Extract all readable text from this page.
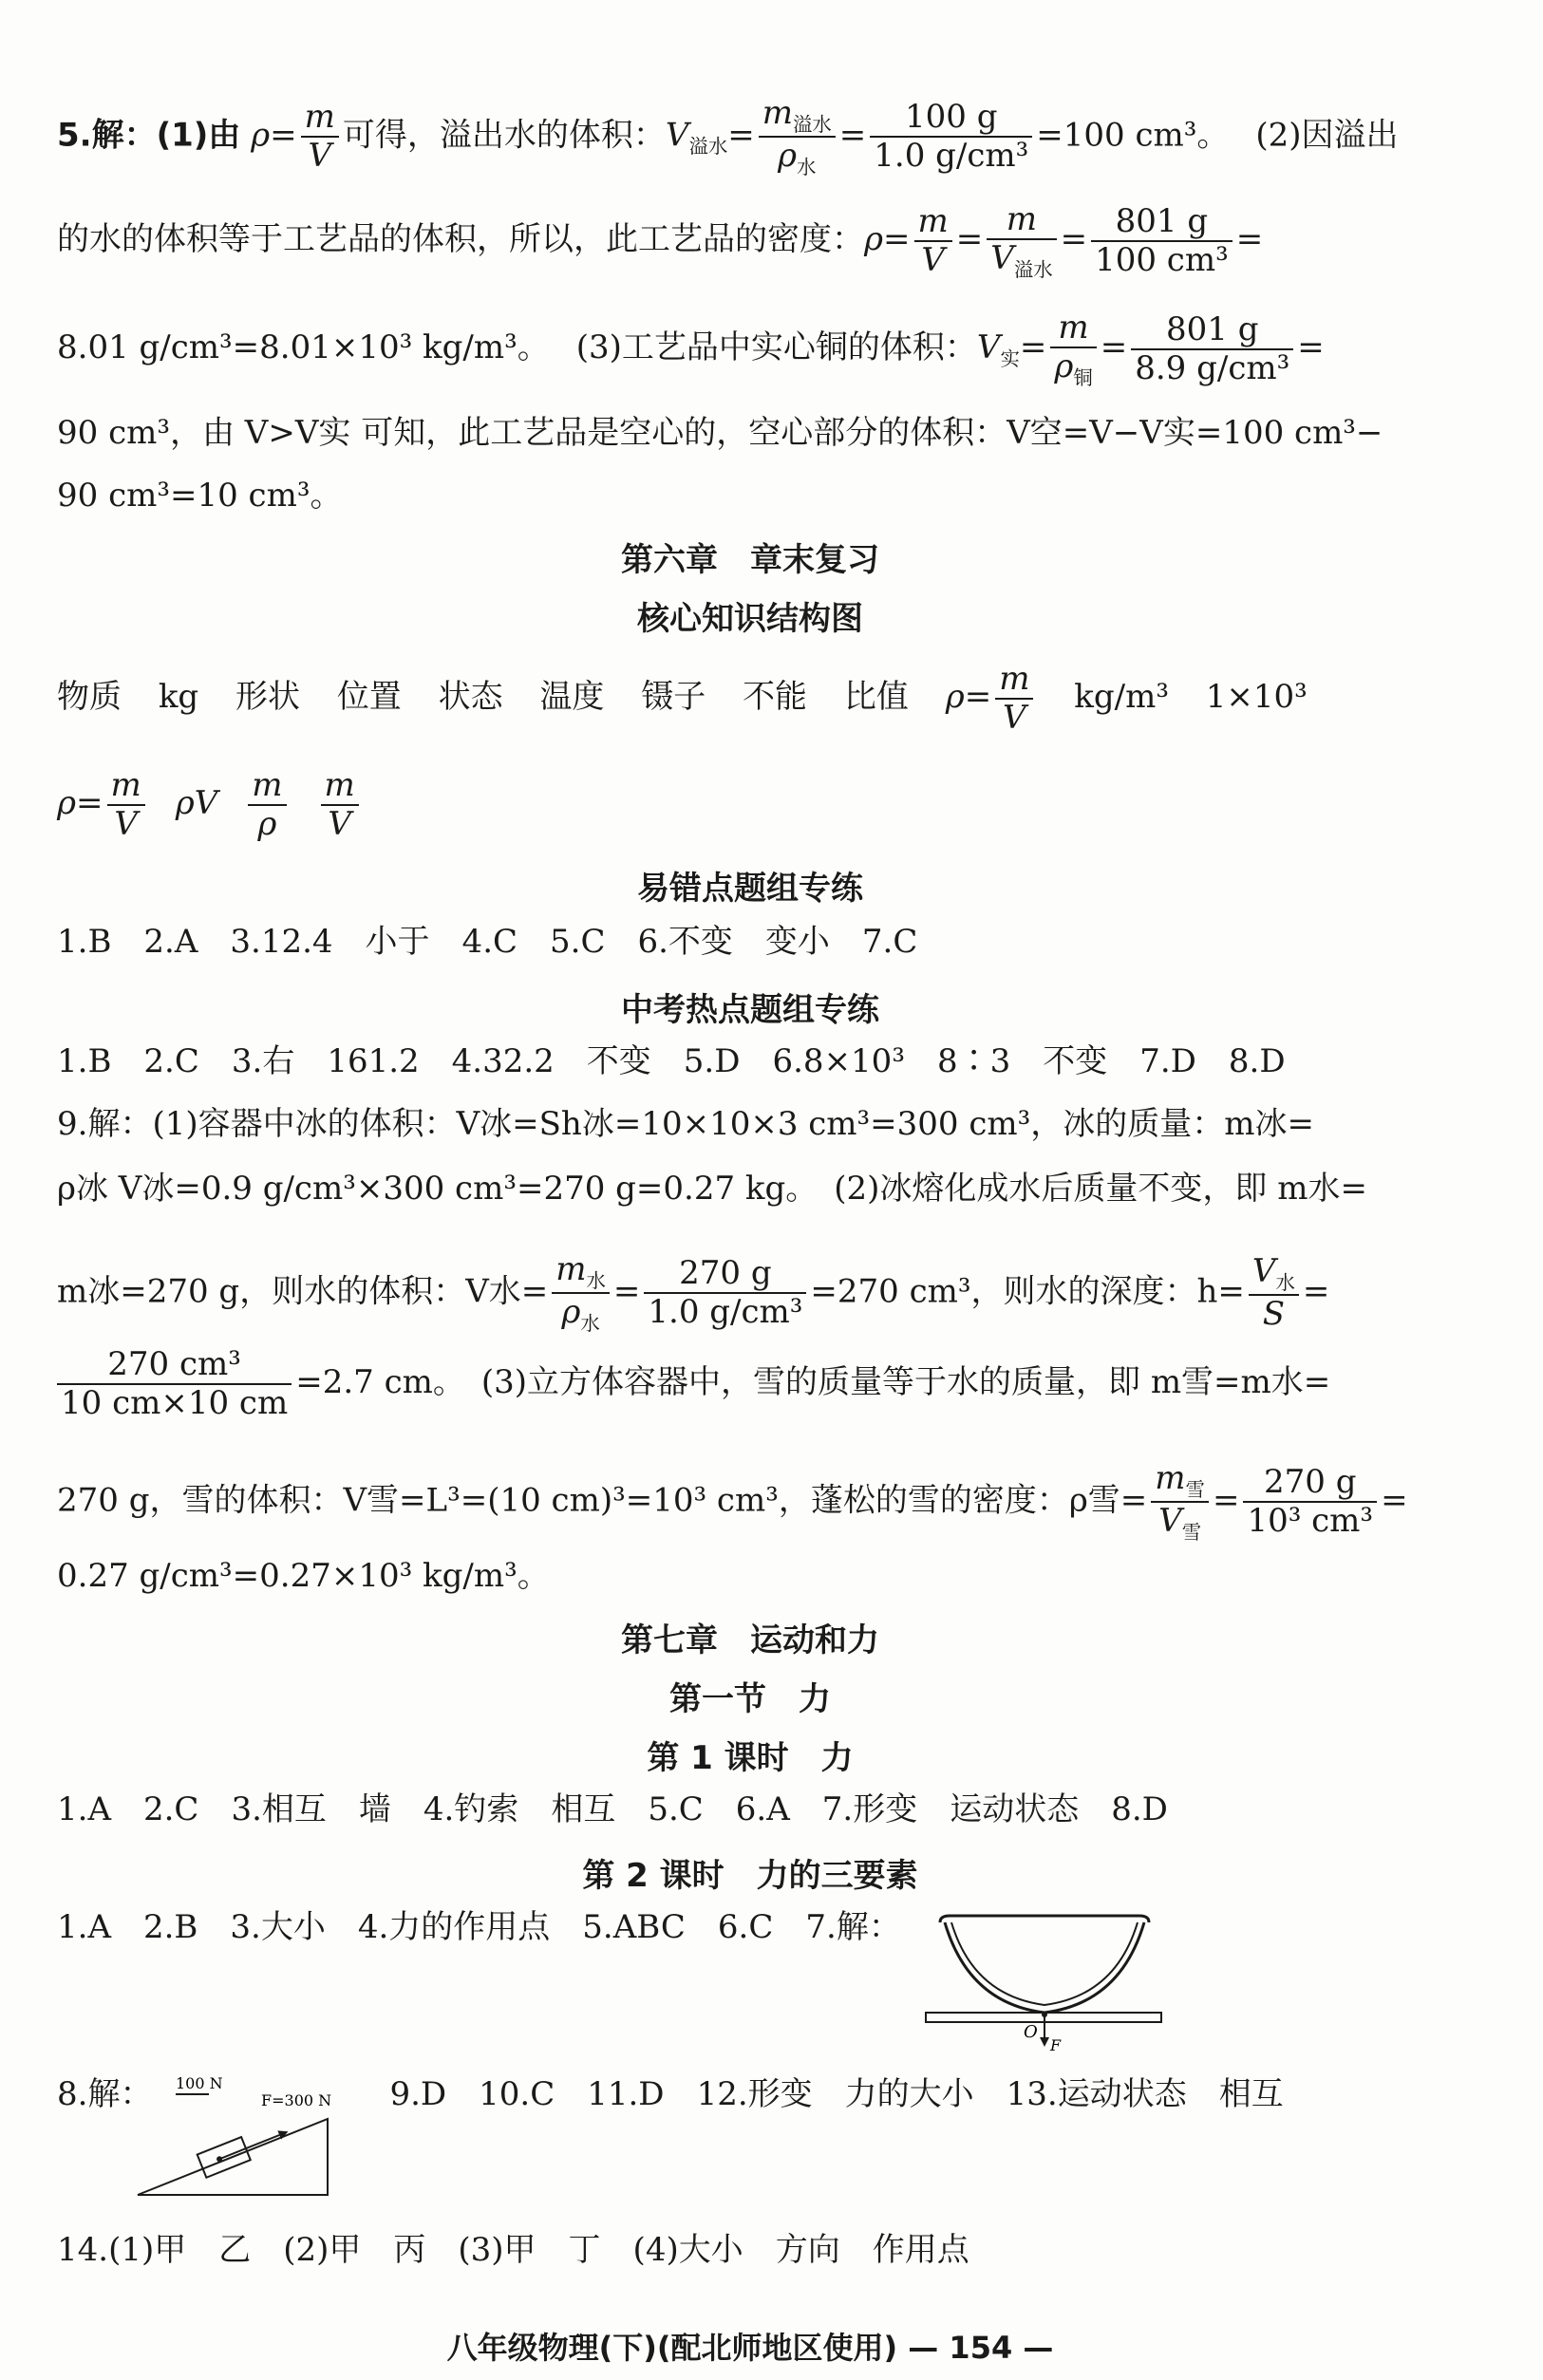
5.解：(1)由 $\rho= \frac{m}{V}$ 可得，溢出水的体积：$V_{溢水}= \frac{m_{溢水}}{\rho_水} = \frac{100 g}{\text{1.0 g/cm³}} =100$ cm³。 (2)因溢出
的水的体积等于工艺品的体积，所以，此工艺品的密度：$\rho= \frac{m}{V} = \frac{m}{V_{溢水}} = \frac{801 g}{\text{100 cm³}}$ =
8.01 g/cm³=8.01×10³ kg/m³。 (3)工艺品中实心铜的体积：$V_实= \frac{m}{\rho_铜} = \frac{801 g}{\text{8.9 g/cm³}}$ =
90 cm³，由 V>V实 可知，此工艺品是空心的，空心部分的体积：V空=V−V实=100 cm³−
90 cm³=10 cm³。
第六章　章末复习
核心知识结构图
物质 kg 形状 位置 状态 温度 镊子 不能 比值 $\rho= \frac{m}{V} kg/m^3$ 1×10³
$\rho= \frac{m}{V}$ ρV $\frac{m}{\rho} \frac{m}{V}$
易错点题组专练
1.B　2.A　3.12.4　小于　4.C　5.C　6.不变　变小　7.C
中考热点题组专练
1.B　2.C　3.右　161.2　4.32.2　不变　5.D　6.8×10³　8∶3　不变　7.D　8.D
9.解：(1)容器中冰的体积：V冰=Sh冰=10×10×3 cm³=300 cm³，冰的质量：m冰=
ρ冰 V冰=0.9 g/cm³×300 cm³=270 g=0.27 kg。　(2)冰熔化成水后质量不变，即 m水=
m冰=270 g，则水的体积：V水= $\frac{m_水}{\rho_水} = \frac{270 g}{\text{1.0 g/cm³}} =270$ cm³，则水的深度：$h= \frac{V_水}{S}$ =
$\frac{\text{270 cm³}}{10 cm\times 10 cm} =2.7$ cm。　(3)立方体容器中，雪的质量等于水的质量，即 m雪=m水=
270 g，雪的体积：V雪=L³=(10 cm)³=10³ cm³，蓬松的雪的密度：ρ雪= $\frac{m_雪}{V_雪} = \frac{270 g}{\text{10³ cm³}}$ =
0.27 g/cm³=0.27×10³ kg/m³。
第七章　运动和力
第一节　力
第 1 课时　力
1.A　2.C　3.相互　墙　4.钓索　相互　5.C　6.A　7.形变　运动状态　8.D
第 2 课时　力的三要素
1.A　2.B　3.大小　4.力的作用点　5.ABC　6.C　7.解：
O
F
8.解：	9.D　10.C　11.D　12.形变　力的大小　13.运动状态　相互
100 N
F=300 N
14.(1)甲　乙　(2)甲　丙　(3)甲　丁　(4)大小　方向　作用点
八年级物理(下)(配北师地区使用) — 154 —
